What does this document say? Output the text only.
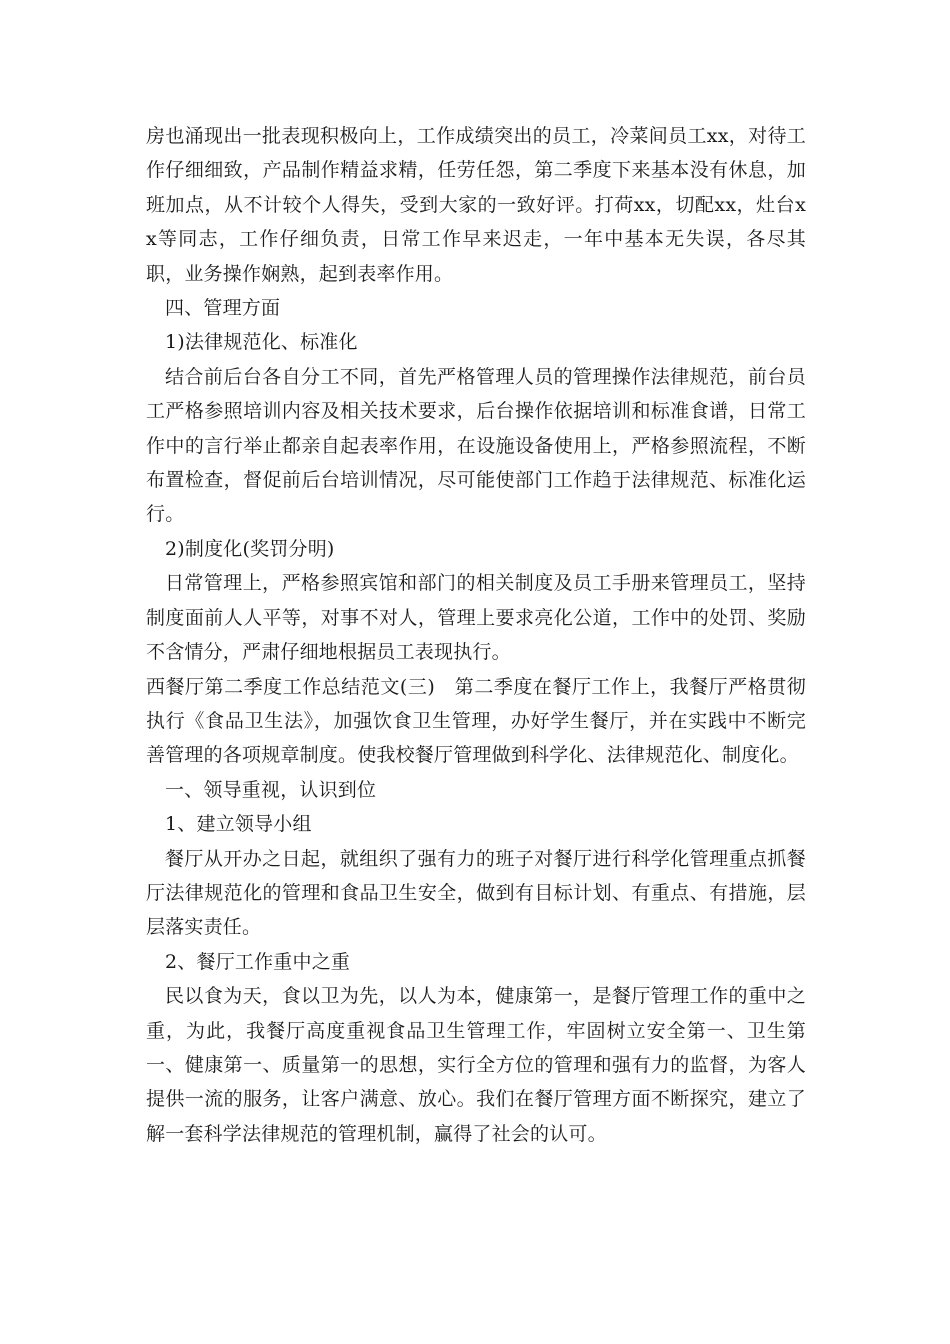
房也涌现出一批表现积极向上，工作成绩突出的员工，冷菜间员工xx，对待工作仔细细致，产品制作精益求精，任劳任怨，第二季度下来基本没有休息，加班加点，从不计较个人得失，受到大家的一致好评。打荷xx，切配xx，灶台xx等同志，工作仔细负责，日常工作早来迟走，一年中基本无失误，各尽其职，业务操作娴熟，起到表率作用。

四、管理方面

1)法律规范化、标准化

结合前后台各自分工不同，首先严格管理人员的管理操作法律规范，前台员工严格参照培训内容及相关技术要求，后台操作依据培训和标准食谱，日常工作中的言行举止都亲自起表率作用，在设施设备使用上，严格参照流程，不断布置检查，督促前后台培训情况，尽可能使部门工作趋于法律规范、标准化运行。

2)制度化(奖罚分明)

日常管理上，严格参照宾馆和部门的相关制度及员工手册来管理员工，坚持制度面前人人平等，对事不对人，管理上要求亮化公道，工作中的处罚、奖励不含情分，严肃仔细地根据员工表现执行。

西餐厅第二季度工作总结范文(三)　第二季度在餐厅工作上，我餐厅严格贯彻执行《食品卫生法》，加强饮食卫生管理，办好学生餐厅，并在实践中不断完善管理的各项规章制度。使我校餐厅管理做到科学化、法律规范化、制度化。

一、领导重视，认识到位

1、建立领导小组

餐厅从开办之日起，就组织了强有力的班子对餐厅进行科学化管理重点抓餐厅法律规范化的管理和食品卫生安全，做到有目标计划、有重点、有措施，层层落实责任。

2、餐厅工作重中之重

民以食为天，食以卫为先，以人为本，健康第一，是餐厅管理工作的重中之重，为此，我餐厅高度重视食品卫生管理工作，牢固树立安全第一、卫生第一、健康第一、质量第一的思想，实行全方位的管理和强有力的监督，为客人提供一流的服务，让客户满意、放心。我们在餐厅管理方面不断探究，建立了解一套科学法律规范的管理机制，赢得了社会的认可。
